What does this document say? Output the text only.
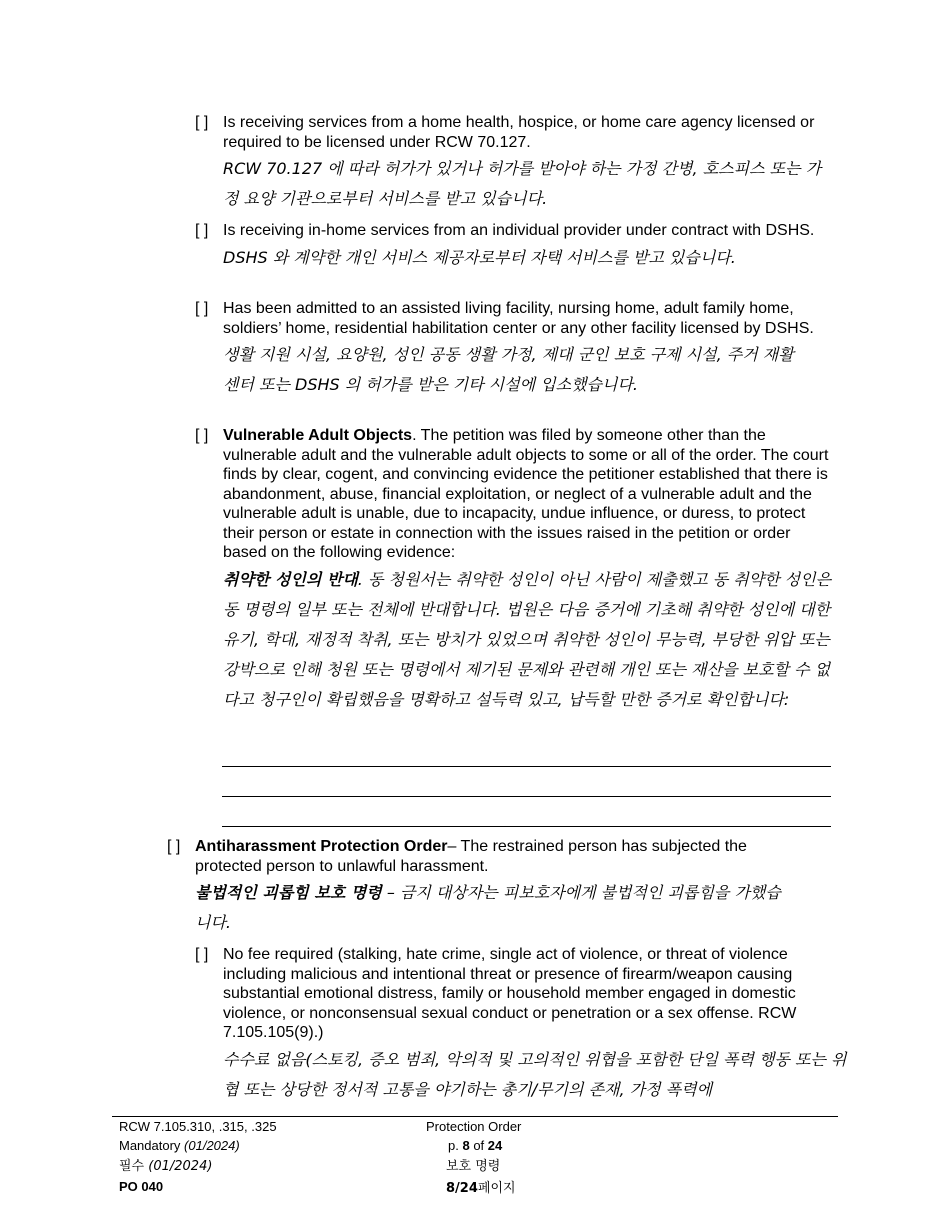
[ ] Is receiving services from a home health, hospice, or home care agency licensed or required to be licensed under RCW 70.127.
RCW 70.127 에 따라 허가가 있거나 허가를 받아야 하는 가정 간병, 호스피스 또는 가정 요양 기관으로부터 서비스를 받고 있습니다.
[ ] Is receiving in-home services from an individual provider under contract with DSHS.
DSHS 와 계약한 개인 서비스 제공자로부터 자택 서비스를 받고 있습니다.
[ ] Has been admitted to an assisted living facility, nursing home, adult family home, soldiers’ home, residential habilitation center or any other facility licensed by DSHS.
생활 지원 시설, 요양원, 성인 공동 생활 가정, 제대 군인 보호 구제 시설, 주거 재활 센터 또는 DSHS 의 허가를 받은 기타 시설에 입소했습니다.
[ ] Vulnerable Adult Objects. The petition was filed by someone other than the vulnerable adult and the vulnerable adult objects to some or all of the order. The court finds by clear, cogent, and convincing evidence the petitioner established that there is abandonment, abuse, financial exploitation, or neglect of a vulnerable adult and the vulnerable adult is unable, due to incapacity, undue influence, or duress, to protect their person or estate in connection with the issues raised in the petition or order based on the following evidence:
취약한 성인의 반대. 동 청원서는 취약한 성인이 아닌 사람이 제출했고 동 취약한 성인은 동 명령의 일부 또는 전체에 반대합니다. 법원은 다음 증거에 기초해 취약한 성인에 대한 유기, 학대, 재정적 착취, 또는 방치가 있었으며 취약한 성인이 무능력, 부당한 위압 또는 강박으로 인해 청원 또는 명령에서 제기된 문제와 관련해 개인 또는 재산을 보호할 수 없다고 청구인이 확립했음을 명확하고 설득력 있고, 납득할 만한 증거로 확인합니다:
[ ] Antiharassment Protection Order– The restrained person has subjected the protected person to unlawful harassment.
불법적인 괴롭힘 보호 명령 – 금지 대상자는 피보호자에게 불법적인 괴롭힘을 가했습니다.
[ ] No fee required (stalking, hate crime, single act of violence, or threat of violence including malicious and intentional threat or presence of firearm/weapon causing substantial emotional distress, family or household member engaged in domestic violence, or nonconsensual sexual conduct or penetration or a sex offense. RCW 7.105.105(9).)
수수료 없음(스토킹, 증오 범죄, 악의적 및 고의적인 위협을 포함한 단일 폭력 행동 또는 위협 또는 상당한 정서적 고통을 야기하는 총기/무기의 존재, 가정 폭력에
RCW 7.105.310, .315, .325
Mandatory (01/2024)
필수 (01/2024)
PO 040
Protection Order
p. 8 of 24
보호 명령
8/24페이지
